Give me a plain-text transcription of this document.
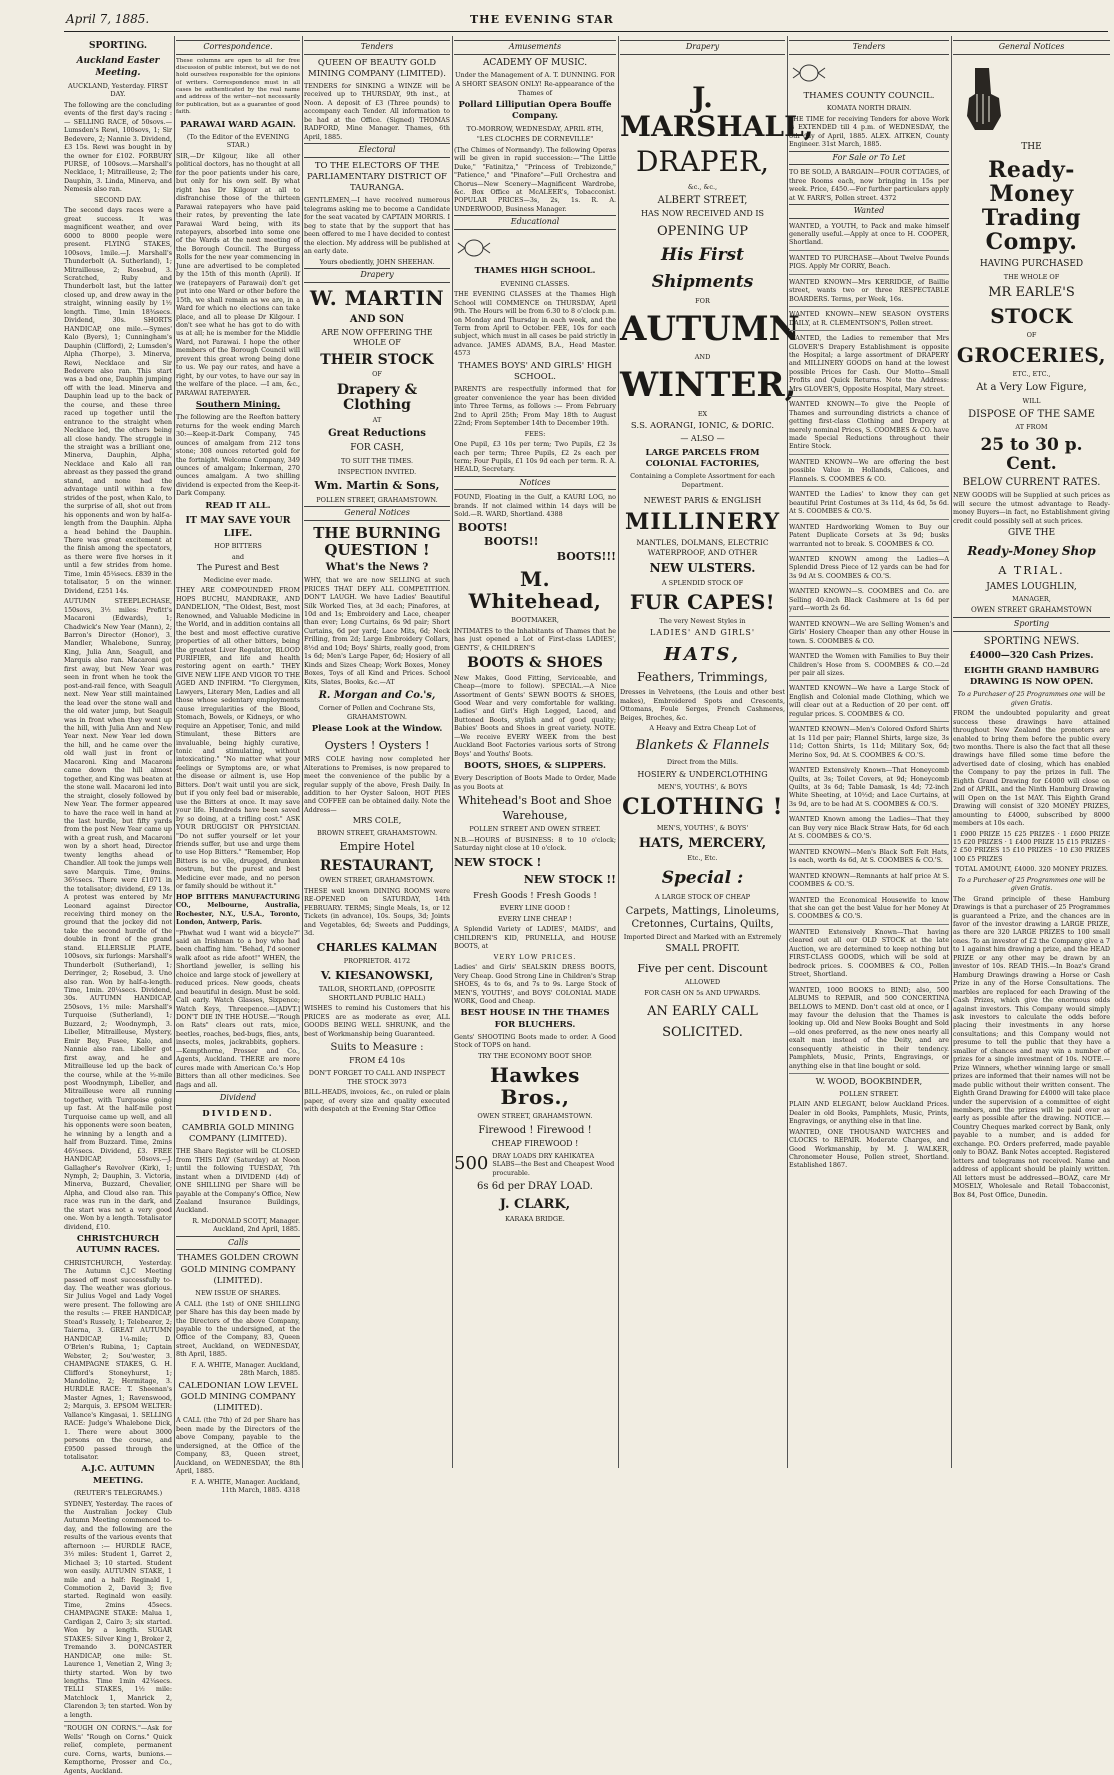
April 7, 1885.	THE EVENING STAR
SPORTING.
Auckland Easter Meeting.
AUCKLAND, Yesterday. FIRST DAY.

The following are the concluding events of the first day's racing :— SELLING RACE, of 50sovs.—Lumsden's Rewi, 100sovs, 1; Sir Bedevere, 2; Nannie 3. Dividend, £3 15s. Rewi was bought in by the owner for £102. FORBURY PURSE, of 100sovs.—Marshall's Necklace, 1; Mitrailleuse, 2; The Dauphin, 3. Linda, Minerva, and Nemesis also ran.

SECOND DAY.

The second days races were a great success. It was magnificent weather, and over 6000 to 8000 people were present. FLYING STAKES, 100sovs, 1mile.—J. Marshall's Thunderbolt (A. Sutherland), 1; Mitrailleuse, 2; Rosebud, 3. Scratched, Ruby and Thunderbolt last, but the latter closed up, and drew away in the straight, winning easily by 1½ length. Time, 1min 18¾secs. Dividend, 30s. SHORTS HANDICAP, one mile.—Symes' Kalo (Byers), 1; Cunningham's Dauphin (Clifford), 2; Lumsden's Alpha (Thorpe), 3. Minerva, Rewi, Necklace and Sir Bedevere also ran. This start was a bad one, Dauphin jumping off with the lead. Minerva and Dauphin lead up to the back of the course, and these three raced up together until the entrance to the straight when Necklace led, the others being all close handy. The struggle in the straight was a brilliant one, Minerva, Dauphin, Alpha, Necklace and Kalo all ran abreast as they passed the grand stand, and none had the advantage until within a few strides of the post, when Kalo, to the surprise of all, shot out from his opponents and won by half-a-length from the Dauphin. Alpha a head behind the Dauphin. There was great excitement at the finish among the spectators, as there were five horses in it until a few strides from home. Time, 1min 45¼secs. £839 in the totalisator, 5 on the winner. Dividend, £251 14s.

AUTUMN STEEPLECHASE, 150sovs, 3½ miles: Prefitt's Macaroni (Edwards), 1; Chadwick's New Year (Mann), 2; Barron's Director (Honor), 3. Mandler, Whalebone, Sunray, King, Julia Ann, Seagull, and Marquis also ran. Macaroni got first away, but New Year was seen in front when he took the post-and-rail fence, with Seagull next. New Year still maintained the lead over the stone wall and the old water jump, but Seagull was in front when they went up the hill, with Julia Ann and New Year next. New Year led down the hill, and he came over the old wall just in front of Macaroni. King and Macaroni came down the hill almost together, and King was beaten at the stone wall. Macaroni led into the straight, closely followed by New Year. The former appeared to have the race well in hand at the last hurdle, but fifty yards from the post New Year came up with a great rush, and Macaroni won by a short head, Director twenty lengths ahead of Chandler. All took the jumps well save Marquis. Time, 9mins. 36½secs. There were £1071 in the totalisator; dividend, £9 13s. A protest was entered by Mr Leonard against Director receiving third money on the ground that the jockey did not take the second hurdle of the double in front of the grand stand. ELLERSLIE PLATE, 100sovs, six furlongs: Marshall's Thunderbolt (Sutherland), 1; Derringer, 2; Rosebud, 3. Uno also ran. Won by half-a-length. Time, 1min. 20¼secs. Dividend, 30s. AUTUMN HANDICAP, 250sovs, 1½ mile: Marshall's Turquoise (Sutherland), 1; Buzzard, 2; Woodnymph, 3. Libeller, Mitrailleuse, Mystery, Emir Bey, Fusee, Kalo, and Nannie also ran. Libeller got first away, and he and Mitrailleuse led up the back of the course, while at the ½-mile post Woodnymph, Libeller, and Mitrailleuse were all running together, with Turquoise going up fast. At the half-mile post Turquoise came up well, and all his opponents were soon beaten, he winning by a length and a half from Buzzard. Time, 2mins 46½secs. Dividend, £3. FREE HANDICAP, 50sovs.—J. Gallagher's Revolver (Kirk), 1; Nymph, 2; Dauphin, 3. Victoria, Minerva, Buzzard, Chevalier, Alpha, and Cloud also ran. This race was run in the dark, and the start was not a very good one. Won by a length. Totalisator dividend, £10.

CHRISTCHURCH AUTUMN RACES.

CHRISTCHURCH, Yesterday. The Autumn C.J.C Meeting passed off most successfully to-day. The weather was glorious. Sir Julius Vogel and Lady Vogel were present. The following are the results :— FREE HANDICAP, Stead's Russely, 1; Telebearer, 2; Taierna, 3. GREAT AUTUMN HANDICAP, 1¼-mile; D. O'Brien's Rubina, 1; Captain Webster, 2; Sou'wester, 3. CHAMPAGNE STAKES, G. H. Clifford's Stoneyhurst, 1; Mandoline, 2; Hermitage, 3. HURDLE RACE: T. Sheenan's Master Agnes, 1; Ravenswood, 2; Marquis, 3. EPSOM WELTER: Vallance's Kingasai, 1. SELLING RACE: Judge's Whalebone Dick, 1. There were about 3000 persons on the course, and £9500 passed through the totalisator.

A.J.C. AUTUMN MEETING.
(REUTER'S TELEGRAMS.)

SYDNEY, Yesterday. The races of the Australian Jockey Club Autumn Meeting commenced to-day, and the following are the results of the various events that afternoon :— HURDLE RACE, 3½ miles: Student 1, Garret 2, Michael 3; 10 started. Student won easily. AUTUMN STAKE, 1 mile and a half: Reginald 1, Commotion 2, David 3; five started. Reginald won easily. Time, 2mins 45secs. CHAMPAGNE STAKE: Malua 1, Cardigan 2, Cairo 3; six started. Won by a length. SUGAR STAKES: Silver King 1, Broker 2, Tremando 3. DONCASTER HANDICAP, one mile: St. Laurence 1, Venetian 2, Wing 3; thirty started. Won by two lengths. Time 1min 42¼secs. TELLI STAKES, 1½ mile: Matchlock 1, Manrick 2, Clarendon 3; ten started. Won by a length.

"ROUGH ON CORNS."—Ask for Wells' "Rough on Corns." Quick relief, complete, permanent cure. Corns, warts, bunions.—Kempthorne, Prosser and Co., Agents, Auckland.

Correspondence.

These columns are open to all for free discussion of public interest, but we do not hold ourselves responsible for the opinions of writers. Correspondence must in all cases be authenticated by the real name and address of the writer—not necessarily for publication, but as a guarantee of good faith.

PARAWAI WARD AGAIN.
(To the Editor of the EVENING STAR.)

SIR,—Dr Kilgour, like all other political doctors, has no thought at all for the poor patients under his care, but only for his own self. By what right has Dr Kilgour at all to disfranchise those of the thirteen Parawai ratepayers who have paid their rates, by preventing the late Parawai Ward being, with its ratepayers, absorbed into some one of the Wards at the next meeting of the Borough Council. The Burgess Rolls for the new year commencing in June are advertised to be completed by the 15th of this month (April). If we (ratepayers of Parawai) don't get put into one Ward or other before the 15th, we shall remain as we are, in a Ward for which no elections can take place, and all to please Dr Kilgour. I don't see what he has got to do with us at all; he is member for the Middle Ward, not Parawai. I hope the other members of the Borough Council will prevent this great wrong being done to us. We pay our rates, and have a right, by our votes, to have our say in the welfare of the place. —I am, &c., PARAWAI RATEPAYER.

Southern Mining.

The following are the Reefton battery returns for the week ending March 30:—Keep-it-Dark Company, 745 ounces of amalgam from 212 tons stone; 308 ounces retorted gold for the fortnight. Welcome Company, 349 ounces of amalgam; Inkerman, 270 ounces amalgam. A two shilling dividend is expected from the Keep-it-Dark Company.

READ IT ALL.
IT MAY SAVE YOUR LIFE.
HOP BITTERS
and
The Purest and Best
Medicine ever made.

THEY ARE COMPOUNDED FROM HOPS BUCHU, MANDRAKE, AND DANDELION, "The Oldest, Best, most Renowned, and Valuable Medicine in the World, and in addition contains all the best and most effective curative properties of all other bitters, being the greatest Liver Regulator, BLOOD PURIFIER, and life and health restoring agent on earth." THEY GIVE NEW LIFE AND VIGOR TO THE AGED AND INFIRM. "To Clergymen, Lawyers, Literary Men, Ladies and all those whose sedentary employments cause irregularities of the Blood, Stomach, Bowels, or Kidneys, or who require an Appetiser, Tonic, and mild Stimulant, these Bitters are invaluable, being highly curative, tonic and stimulating, without intoxicating." "No matter what your feelings or Symptoms are, or what the disease or ailment is, use Hop Bitters. Don't wait until you are sick, but if you only feel bad or miserable, use the Bitters at once. It may save your life. Hundreds have been saved by so doing, at a trifling cost." ASK YOUR DRUGGIST OR PHYSICIAN. "Do not suffer yourself or let your friends suffer, but use and urge them to use Hop Bitters." "Remember, Hop Bitters is no vile, drugged, drunken nostrum, but the purest and best Medicine ever made, and no person or family should be without it."

HOP BITTERS MANUFACTURING CO., Melbourne, Australia, Rochester, N.Y., U.S.A., Toronto, London, Antwerp, Paris.

"Phwhat wud I want wid a bicycle?" said an Irishman to a boy who had been chaffing him. "Behad, I'd sooner walk afoot as ride afoot!" WHEN, the Shortland jeweller, is selling his choice and large stock of jewellery at reduced prices. New goods, cheats and beautiful in design. Must be sold. Call early. Watch Glasses, Sixpence; Watch Keys, Threepence.—[ADVT.] DON'T DIE IN THE HOUSE.—"Rough on Rats" clears out rats, mice, beetles, roaches, bed-bugs, flies, ants, insects, moles, jackrabbits, gophers.—Kempthorne, Prosser and Co., Agents, Auckland. THERE are more cures made with American Co.'s Hop Bitters than all other medicines. See flags and all.

Dividend
DIVIDEND.
CAMBRIA GOLD MINING COMPANY (LIMITED).

THE Share Register will be CLOSED from THIS DAY (Saturday) at Noon until the following TUESDAY, 7th instant when a DIVIDEND (4d) of ONE SHILLING per Share will be payable at the Company's Office, New Zealand Insurance Buildings, Auckland.

R. McDONALD SCOTT, Manager. Auckland, 2nd April, 1885.

Calls
THAMES GOLDEN CROWN GOLD MINING COMPANY (LIMITED).
NEW ISSUE OF SHARES.

A CALL (the 1st) of ONE SHILLING per Share has this day been made by the Directors of the above Company, payable to the undersigned, at the Office of the Company, 83, Queen street, Auckland, on WEDNESDAY, 8th April, 1885.

F. A. WHITE, Manager. Auckland, 28th March, 1885.

CALEDONIAN LOW LEVEL GOLD MINING COMPANY (LIMITED).

A CALL (the 7th) of 2d per Share has been made by the Directors of the above Company, payable to the undersigned, at the Office of the Company, 83, Queen street, Auckland, on WEDNESDAY, the 8th April, 1885.

F. A. WHITE, Manager. Auckland, 11th March, 1885. 4318

Tenders
QUEEN OF BEAUTY GOLD MINING COMPANY (LIMITED).

TENDERS for SINKING a WINZE will be received up to THURSDAY, 9th inst., at Noon. A deposit of £3 (Three pounds) to accompany each Tender. All information to be had at the Office. (Signed) THOMAS RADFORD, Mine Manager. Thames, 6th April, 1885.

Electoral
TO THE ELECTORS OF THE PARLIAMENTARY DISTRICT OF TAURANGA.

GENTLEMEN,—I have received numerous telegrams asking me to become a Candidate for the seat vacated by CAPTAIN MORRIS. I beg to state that by the support that has been offered to me I have decided to contest the election. My address will be published at an early date.

Yours obediently, JOHN SHEEHAN.

Drapery
W. MARTIN
AND SON
ARE NOW OFFERING THE WHOLE OF
THEIR STOCK
OF
Drapery & Clothing
AT
Great Reductions
FOR CASH,
TO SUIT THE TIMES.
INSPECTION INVITED.
Wm. Martin & Sons,
POLLEN STREET, GRAHAMSTOWN.
General Notices
THE BURNING QUESTION !
What's the News ?

WHY, that we are now SELLING at such PRICES THAT DEFY ALL COMPETITION. DON'T LAUGH. We have Ladies' Beautiful Silk Worked Ties, at 3d each; Pinafores, at 10d and 1s; Embroidery and Lace, cheaper than ever; Long Curtains, 6s 9d pair; Short Curtains, 6d per yard; Lace Mits, 6d; Neck Frilling, from 2d; Large Embroidery Collars, 8½d and 10d; Boys' Shirts, really good, from 1s 6d; Men's Large Paper, 6d; Hosiery of all Kinds and Sizes Cheap; Work Boxes, Money Boxes, Toys of all Kind and Prices. School Kits, Slates, Books, &c.—AT

R. Morgan and Co.'s,
Corner of Pollen and Cochrane Sts, GRAHAMSTOWN.
Please Look at the Window.
Oysters ! Oysters !

MRS COLE having now completed her Alterations to Premises, is now prepared to meet the convenience of the public by a regular supply of the above, Fresh Daily. In addition to her Oyster Saloon, HOT PIES and COFFEE can be obtained daily. Note the Address—

MRS COLE,
BROWN STREET, GRAHAMSTOWN.
Empire Hotel
RESTAURANT,
OWEN STREET, GRAHAMSTOWN.

THESE well known DINING ROOMS were RE-OPENED on SATURDAY, 14th FEBRUARY. TERMS; Single Meals, 1s, or 12 Tickets (in advance), 10s. Soups, 3d; Joints and Vegetables, 6d; Sweets and Puddings, 3d.

CHARLES KALMAN
PROPRIETOR. 4172
V. KIESANOWSKI,
TAILOR, SHORTLAND, (OPPOSITE SHORTLAND PUBLIC HALL)

WISHES to remind his Customers that his PRICES are as moderate as ever, ALL GOODS BEING WELL SHRUNK, and the best of Workmanship being Guaranteed.

Suits to Measure :
FROM £4 10s
DON'T FORGET TO CALL AND INSPECT THE STOCK 3973

BILL-HEADS, invoices, &c., on ruled or plain paper, of every size and quality executed with despatch at the Evening Star Office

Amusements
ACADEMY OF MUSIC.
Under the Management of A. T. DUNNING. FOR A SHORT SEASON ONLY! Re-appearance of the Thames of
Pollard Lilliputian Opera Bouffe Company.
TO-MORROW, WEDNESDAY, APRIL 8TH,
"LES CLOCHES DE CORNEVILLE"

(The Chimes of Normandy). The following Operas will be given in rapid succession:—"The Little Duke," "Fatinitza," "Princess of Trebizonde," "Patience," and "Pinafore"—Full Orchestra and Chorus—New Scenery—Magnificent Wardrobe, &c. Box Office at McALEER's, Tobacconist. POPULAR PRICES—3s, 2s, 1s. R. A. UNDERWOOD, Business Manager.

Educational
THAMES HIGH SCHOOL.
EVENING CLASSES.

THE EVENING CLASSES at the Thames High School will COMMENCE on THURSDAY, April 9th. The Hours will be from 6.30 to 8 o'clock p.m. on Monday and Thursday in each week, and the Term from April to October. FEE, 10s for each subject, which must in all cases be paid strictly in advance. JAMES ADAMS, B.A., Head Master. 4573

THAMES BOYS' AND GIRLS' HIGH SCHOOL.

PARENTS are respectfully informed that for greater convenience the year has been divided into Three Terms, as follows :— From February 2nd to April 25th; From May 18th to August 22nd; From September 14th to December 19th.

FEES:

One Pupil, £3 10s per term; Two Pupils, £2 3s each per term; Three Pupils, £2 2s each per term; Four Pupils, £1 10s 9d each per term. R. A. HEALD, Secretary.

Notices

FOUND, Floating in the Gulf, a KAURI LOG, no brands. If not claimed within 14 days will be Sold.—R. WARD, Shortland. 4388

BOOTS!
BOOTS!!
BOOTS!!!
M. Whitehead,
BOOTMAKER,

INTIMATES to the Inhabitants of Thames that he has just opened a Lot of First-class LADIES', GENTS', & CHILDREN'S

BOOTS & SHOES

New Makes, Good Fitting, Serviceable, and Cheap—(more to follow). SPECIAL.—A Nice Assortment of Gents' SEWN BOOTS & SHOES, Good Wear and very comfortable for walking. Ladies' and Girl's High Legged, Laced, and Buttoned Boots, stylish and of good quality; Babies' Boots and Shoes in great variety. NOTE.—We receive EVERY WEEK from the best Auckland Boot Factories various sorts of Strong Boys' and Youths' Boots.

BOOTS, SHOES, & SLIPPERS.

Every Description of Boots Made to Order, Made as you Boots at

Whitehead's Boot and Shoe Warehouse,
POLLEN STREET AND OWEN STREET.

N.B.—HOURS of BUSINESS: 8 to 10 o'clock; Saturday night close at 10 o'clock.

NEW STOCK !
NEW STOCK !!
Fresh Goods ! Fresh Goods !
EVERY LINE GOOD !
EVERY LINE CHEAP !

A Splendid Variety of LADIES', MAIDS', and CHILDREN'S KID, PRUNELLA, and HOUSE BOOTS, at

VERY LOW PRICES.

Ladies' and Girls' SEALSKIN DRESS BOOTS, Very Cheap. Good Strong Line in Children's Strap SHOES, 4s to 6s, and 7s to 9s. Large Stock of MEN'S, YOUTHS', and BOYS' COLONIAL MADE WORK, Good and Cheap.

BEST HOUSE IN THE THAMES FOR BLUCHERS.

Gents' SHOOTING Boots made to order. A Good Stock of TOPS on hand.

TRY THE ECONOMY BOOT SHOP.
Hawkes Bros.,
OWEN STREET, GRAHAMSTOWN.
Firewood ! Firewood !
CHEAP FIREWOOD !
500 DRAY LOADS DRY KAHIKATEA SLABS—the Best and Cheapest Wood procurable.
6s 6d per DRAY LOAD.
J. CLARK,
KARAKA BRIDGE.
Drapery
J. MARSHALL,
DRAPER,
&c., &c.,
ALBERT STREET,
HAS NOW RECEIVED AND IS
OPENING UP
His First
Shipments
FOR
AUTUMN
AND
WINTER,
EX
S.S. AORANGI, IONIC, & DORIC.
— ALSO —
LARGE PARCELS FROM COLONIAL FACTORIES,
Containing a Complete Assortment for each Department.
NEWEST PARIS & ENGLISH
MILLINERY
MANTLES, DOLMANS, ELECTRIC WATERPROOF, AND OTHER
NEW ULSTERS.
A SPLENDID STOCK OF
FUR CAPES!
The very Newest Styles in
LADIES' AND GIRLS'
HATS,
Feathers, Trimmings,

Dresses in Velveteens, (the Louis and other best makes), Embroidered Spots and Crescents, Ottomans, Foule Serges, French Cashmeres, Beiges, Broches, &c.

A Heavy and Extra Cheap Lot of
Blankets & Flannels
Direct from the Mills.
HOSIERY & UNDERCLOTHING
MEN'S, YOUTHS', & BOYS
CLOTHING !
MEN'S, YOUTHS', & BOYS'
HATS, MERCERY,
Etc., Etc.
Special :
A LARGE STOCK OF CHEAP
Carpets, Mattings, Linoleums, Cretonnes, Curtains, Quilts,
Imported Direct and Marked with an Extremely
SMALL PROFIT.
Five per cent. Discount
ALLOWED
FOR CASH ON 5s AND UPWARDS.
AN EARLY CALL
SOLICITED.
Tenders
THAMES COUNTY COUNCIL.
KOMATA NORTH DRAIN.

THE TIME for receiving Tenders for above Work is EXTENDED till 4 p.m. of WEDNESDAY, the 8th day of April, 1885. ALEX. AITKEN, County Engineer. 31st March, 1885.

For Sale or To Let

TO BE SOLD, A BARGAIN—FOUR COTTAGES, of three Rooms each, now bringing in 15s per week. Price, £450.—For further particulars apply at W. FARR'S, Pollen street. 4372

Wanted

WANTED, a YOUTH, to Pack and make himself generally useful.—Apply at once to H. COOPER, Shortland.

WANTED TO PURCHASE—About Twelve Pounds PIGS. Apply Mr CORRY, Beach.

WANTED KNOWN—Mrs KERRIDGE, of Baillie street, wants two or three RESPECTABLE BOARDERS. Terms, per Week, 16s.

WANTED KNOWN—NEW SEASON OYSTERS DAILY, at R. CLEMENTSON'S, Pollen street.

WANTED, the Ladies to remember that Mrs GLOVER'S Drapery Establishment is opposite the Hospital; a large assortment of DRAPERY and MILLINERY GOODS on hand at the lowest possible Prices for Cash. Our Motto—Small Profits and Quick Returns. Note the Address: Mrs GLOVER'S, Opposite Hospital, Mary street.

WANTED KNOWN—To give the People of Thames and surrounding districts a chance of getting first-class Clothing and Drapery at merely nominal Prices, S. COOMBES & CO. have made Special Reductions throughout their Entire Stock.

WANTED KNOWN—We are offering the best possible Value in Hollands, Calicoes, and Flannels. S. COOMBES & CO.

WANTED the Ladies' to know they can get beautiful Print Costumes at 3s 11d, 4s 6d, 5s 6d. At S. COOMBES & CO.'S.

WANTED Hardworking Women to Buy our Patent Duplicate Corsets at 3s 9d; busks warranted not to break. S. COOMBES & CO.

WANTED KNOWN among the Ladies—A Splendid Dress Piece of 12 yards can be had for 3s 9d At S. COOMBES & CO.'S.

WANTED KNOWN—S. COOMBES and Co. are Selling 40-inch Black Cashmere at 1s 6d per yard—worth 2s 6d.

WANTED KNOWN—We are Selling Women's and Girls' Hosiery Cheaper than any other House in town. S. COOMBES & CO.

WANTED the Women with Families to Buy their Children's Hose from S. COOMBES & CO.—2d per pair all sizes.

WANTED KNOWN—We have a Large Stock of English and Colonial made Clothing, which we will clear out at a Reduction of 20 per cent. off regular prices. S. COOMBES & CO.

WANTED KNOWN—Men's Colored Oxford Shirts at 1s 11d per pair; Flannel Shirts, large size, 3s 11d; Cotton Shirts, 1s 11d; Military Sox, 6d; Merino Sox, 9d. At S. COOMBES & CO.'S.

WANTED Extensively Known—That Honeycomb Quilts, at 3s; Toilet Covers, at 9d; Honeycomb Quilts, at 3s 6d; Table Damask, 1s 4d; 72-inch White Sheeting, at 10½d; and Lace Curtains, at 3s 9d, are to be had At S. COOMBES & CO.'S.

WANTED Known among the Ladies—That they can Buy very nice Black Straw Hats, for 6d each At S. COOMBES & CO.'S.

WANTED KNOWN—Men's Black Soft Felt Hats, 1s each, worth 4s 6d, At S. COOMBES & CO.'S.

WANTED KNOWN—Remnants at half price At S. COOMBES & CO.'S.

WANTED the Economical Housewife to know that she can get the best Value for her Money At S. COOMBES & CO.'S.

WANTED Extensively Known—That having cleared out all our OLD STOCK at the late Auction, we are determined to keep nothing but FIRST-CLASS GOODS, which will be sold at bedrock prices. S. COOMBES & CO., Pollen Street, Shortland.

WANTED, 1000 BOOKS to BIND; also, 500 ALBUMS to REPAIR, and 500 CONCERTINA BELLOWS to MEND. Don't cast old at once, or I may favour the delusion that the Thames is looking up. Old and New Books Bought and Sold—old ones preferred, as the new ones nearly all exalt man instead of the Deity, and are consequently atheistic in their tendency. Pamphlets, Music, Prints, Engravings, or anything else in that line bought or sold.

W. WOOD, BOOKBINDER,
POLLEN STREET.

PLAIN AND ELEGANT, below Auckland Prices. Dealer in old Books, Pamphlets, Music, Prints, Engravings, or anything else in that line.

WANTED, ONE THOUSAND WATCHES and CLOCKS to REPAIR. Moderate Charges, and Good Workmanship, by M. J. WALKER, Chronometer House, Pollen street, Shortland. Established 1867.

General Notices
THE
Ready-Money Trading Compy.
HAVING PURCHASED
THE WHOLE OF
MR EARLE'S
STOCK
OF
GROCERIES,
ETC., ETC.,
At a Very Low Figure,
WILL
DISPOSE OF THE SAME
AT FROM
25 to 30 p. Cent.
BELOW CURRENT RATES.

NEW GOODS will be Supplied at such prices as will secure the utmost advantage to Ready-money Buyers—in fact, no Establishment giving credit could possibly sell at such prices.

GIVE THE
Ready-Money Shop
A TRIAL.
JAMES LOUGHLIN,
MANAGER,
OWEN STREET GRAHAMSTOWN
Sporting
SPORTING NEWS.
£4000—320 Cash Prizes.
EIGHTH GRAND HAMBURG DRAWING IS NOW OPEN.

To a Purchaser of 25 Programmes one will be given Gratis.

FROM the undoubted popularity and great success these drawings have attained throughout New Zealand the promoters are enabled to bring them before the public every two months. There is also the fact that all these drawings have filled some time before the advertised date of closing, which has enabled the Company to pay the prizes in full. The Eighth Grand Drawing for £4000 will close on 2nd of APRIL, and the Ninth Hamburg Drawing will Open on the 1st MAY. This Eighth Grand Drawing will consist of 320 MONEY PRIZES, amounting to £4000, subscribed by 8000 members at 10s each.

1 £900 PRIZE 15 £25 PRIZES · 1 £600 PRIZE 15 £20 PRIZES · 1 £400 PRIZE 15 £15 PRIZES · 2 £50 PRIZES 15 £10 PRIZES · 10 £30 PRIZES 100 £5 PRIZES

TOTAL AMOUNT, £4000. 320 MONEY PRIZES.

To a Purchaser of 25 Programmes one will be given Gratis.

The Grand principle of these Hamburg Drawings is that a purchaser of 25 Programmes is guaranteed a Prize, and the chances are in favor of the investor drawing a LARGE PRIZE, as there are 320 LARGE PRIZES to 100 small ones. To an investor of £2 the Company give a 7 to 1 against him drawing a prize, and the HEAD PRIZE or any other may be drawn by an investor of 10s. READ THIS.—In Boaz's Grand Hamburg Drawings drawing a Horse or Cash Prize in any of the Horse Consultations. The marbles are replaced for each Drawing of the Cash Prizes, which give the enormous odds against investors. This Company would simply ask investors to calculate the odds before placing their investments in any horse consultations; and this Company would not presume to tell the public that they have a smaller of chances and may win a number of prizes for a single investment of 10s. NOTE.—Prize Winners, whether winning large or small prizes are informed that their names will not be made public without their written consent. The Eighth Grand Drawing for £4000 will take place under the supervision of a committee of eight members, and the prizes will be paid over as early as possible after the drawing. NOTICE.—Country Cheques marked correct by Bank, only payable to a number, and is added for exchange. P.O. Orders preferred, made payable only to BOAZ. Bank Notes accepted. Registered letters and telegrams not received. Name and address of applicant should be plainly written. All letters must be addressed—BOAZ, care Mr MOSELY, Wholesale and Retail Tobacconist, Box 84, Post Office, Dunedin.
